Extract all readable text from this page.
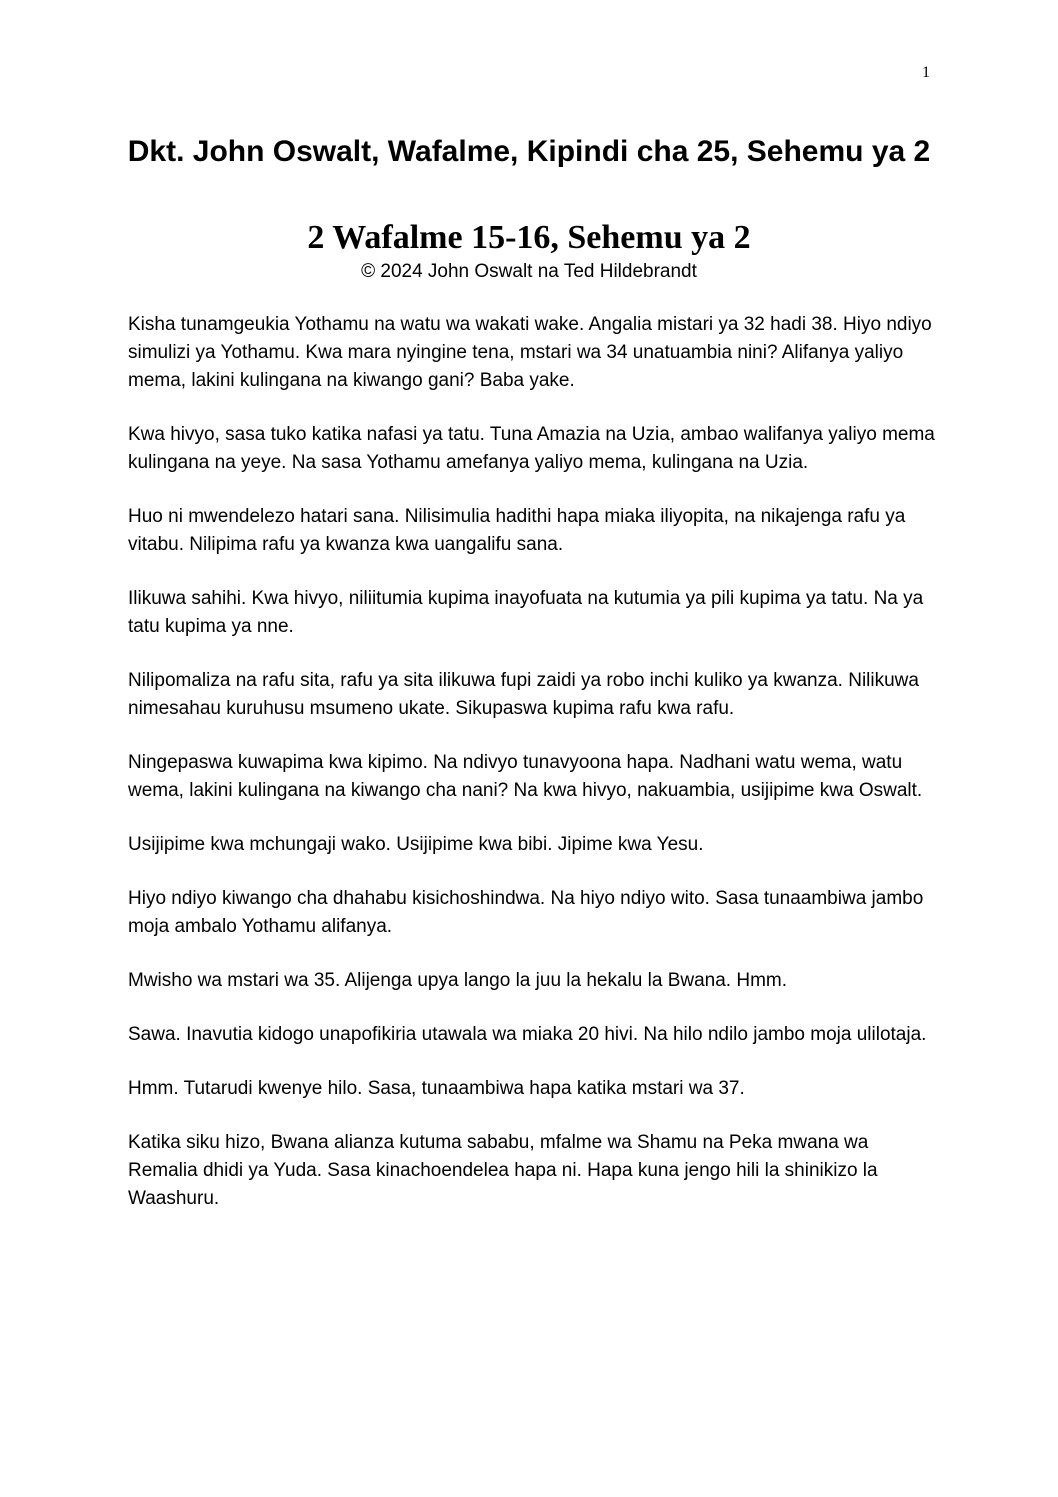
1
Dkt. John Oswalt, Wafalme, Kipindi cha 25, Sehemu ya 2
2 Wafalme 15-16, Sehemu ya 2
© 2024 John Oswalt na Ted Hildebrandt

Kisha tunamgeukia Yothamu na watu wa wakati wake. Angalia mistari ya 32 hadi 38. Hiyo ndiyo simulizi ya Yothamu. Kwa mara nyingine tena, mstari wa 34 unatuambia nini? Alifanya yaliyo mema, lakini kulingana na kiwango gani? Baba yake.

Kwa hivyo, sasa tuko katika nafasi ya tatu. Tuna Amazia na Uzia, ambao walifanya yaliyo mema kulingana na yeye. Na sasa Yothamu amefanya yaliyo mema, kulingana na Uzia.

Huo ni mwendelezo hatari sana. Nilisimulia hadithi hapa miaka iliyopita, na nikajenga rafu ya vitabu. Nilipima rafu ya kwanza kwa uangalifu sana.

Ilikuwa sahihi. Kwa hivyo, niliitumia kupima inayofuata na kutumia ya pili kupima ya tatu. Na ya tatu kupima ya nne.

Nilipomaliza na rafu sita, rafu ya sita ilikuwa fupi zaidi ya robo inchi kuliko ya kwanza. Nilikuwa nimesahau kuruhusu msumeno ukate. Sikupaswa kupima rafu kwa rafu.

Ningepaswa kuwapima kwa kipimo. Na ndivyo tunavyoona hapa. Nadhani watu wema, watu wema, lakini kulingana na kiwango cha nani? Na kwa hivyo, nakuambia, usijipime kwa Oswalt.

Usijipime kwa mchungaji wako. Usijipime kwa bibi. Jipime kwa Yesu.

Hiyo ndiyo kiwango cha dhahabu kisichoshindwa. Na hiyo ndiyo wito. Sasa tunaambiwa jambo moja ambalo Yothamu alifanya.

Mwisho wa mstari wa 35. Alijenga upya lango la juu la hekalu la Bwana. Hmm.

Sawa. Inavutia kidogo unapofikiria utawala wa miaka 20 hivi. Na hilo ndilo jambo moja ulilotaja.

Hmm. Tutarudi kwenye hilo. Sasa, tunaambiwa hapa katika mstari wa 37.

Katika siku hizo, Bwana alianza kutuma sababu, mfalme wa Shamu na Peka mwana wa Remalia dhidi ya Yuda. Sasa kinachoendelea hapa ni. Hapa kuna jengo hili la shinikizo la Waashuru.
